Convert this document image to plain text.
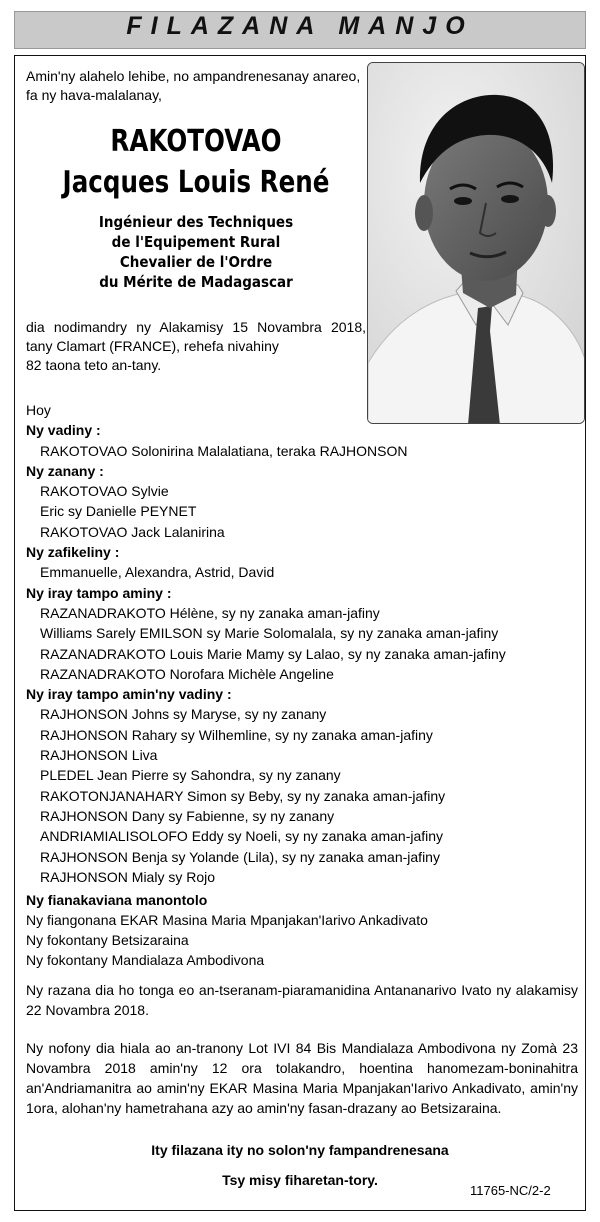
FILAZANA MANJO
Amin'ny alahelo lehibe, no ampandrenesanay anareo,
fa ny hava-malalanay,
RAKOTOVAO
Jacques Louis René
Ingénieur des Techniques
de l'Equipement Rural
Chevalier de l'Ordre
du Mérite de Madagascar
dia nodimandry ny Alakamisy 15 Novambra 2018,
tany Clamart (FRANCE), rehefa nivahiny
82 taona teto an-tany.
Hoy
Ny vadiny :
RAKOTOVAO Solonirina Malalatiana, teraka RAJHONSON
Ny zanany :
RAKOTOVAO Sylvie
Eric sy Danielle PEYNET
RAKOTOVAO Jack Lalanirina
Ny zafikeliny :
Emmanuelle, Alexandra, Astrid, David
Ny iray tampo aminy :
RAZANADRAKOTO Hélène, sy ny zanaka aman-jafiny
Williams Sarely EMILSON sy Marie Solomalala, sy ny zanaka aman-jafiny
RAZANADRAKOTO Louis Marie Mamy sy Lalao, sy ny zanaka aman-jafiny
RAZANADRAKOTO Norofara Michèle Angeline
Ny iray tampo amin'ny vadiny :
RAJHONSON Johns sy Maryse, sy ny zanany
RAJHONSON Rahary sy Wilhemline, sy ny zanaka aman-jafiny
RAJHONSON Liva
PLEDEL Jean Pierre sy Sahondra, sy ny zanany
RAKOTONJANAHARY Simon sy Beby, sy ny zanaka aman-jafiny
RAJHONSON Dany sy Fabienne, sy ny zanany
ANDRIAMIALISOLOFO Eddy sy Noeli, sy ny zanaka aman-jafiny
RAJHONSON Benja sy Yolande (Lila), sy ny zanaka aman-jafiny
RAJHONSON Mialy sy Rojo
Ny fianakaviana manontolo
Ny fiangonana EKAR Masina Maria Mpanjakan'Iarivo Ankadivato
Ny fokontany Betsizaraina
Ny fokontany Mandialaza Ambodivona
Ny razana dia ho tonga eo an-tseranam-piaramanidina Antananarivo Ivato ny alakamisy 22 Novambra 2018.
Ny nofony dia hiala ao an-tranony Lot IVI 84 Bis Mandialaza Ambodivona ny Zomà 23 Novambra 2018 amin'ny 12 ora tolakandro, hoentina hanomezam-boninahitra an'Andriamanitra ao amin'ny EKAR Masina Maria Mpanjakan'Iarivo Ankadivato, amin'ny 1ora, alohan'ny hametrahana azy ao amin'ny fasan-drazany ao Betsizaraina.
Ity filazana ity no solon'ny fampandrenesana
Tsy misy fiharetan-tory.
11765-NC/2-2
